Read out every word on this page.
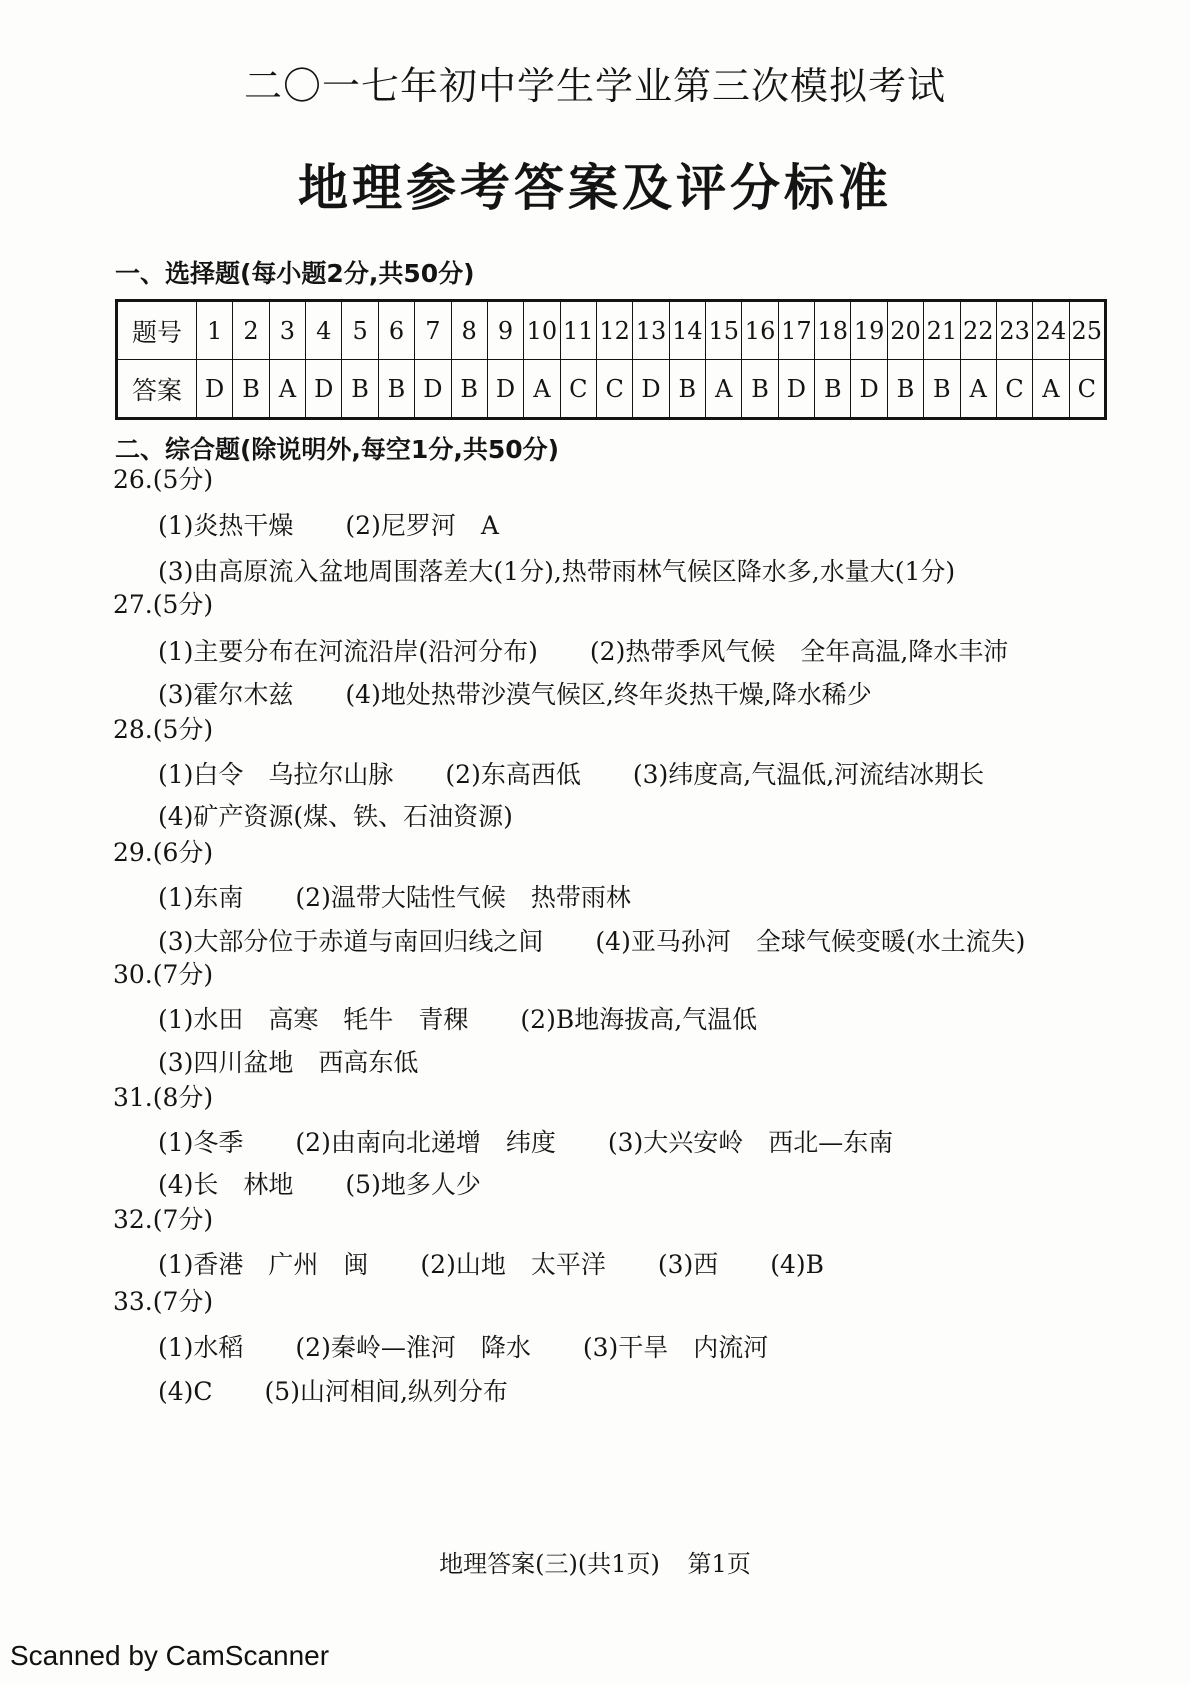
二〇一七年初中学生学业第三次模拟考试
地理参考答案及评分标准
一、选择题(每小题2分,共50分)
题号	1	2	3	4	5	6	7	8	9	10	11	12	13	14	15	16	17	18	19	20	21	22	23	24	25
答案	D	B	A	D	B	B	D	B	D	A	C	C	D	B	A	B	D	B	D	B	B	A	C	A	C
二、综合题(除说明外,每空1分,共50分)
26.(5分)
(1)炎热干燥 (2)尼罗河　A
(3)由高原流入盆地周围落差大(1分),热带雨林气候区降水多,水量大(1分)
27.(5分)
(1)主要分布在河流沿岸(沿河分布) (2)热带季风气候　全年高温,降水丰沛
(3)霍尔木兹 (4)地处热带沙漠气候区,终年炎热干燥,降水稀少
28.(5分)
(1)白令　乌拉尔山脉 (2)东高西低 (3)纬度高,气温低,河流结冰期长
(4)矿产资源(煤、铁、石油资源)
29.(6分)
(1)东南 (2)温带大陆性气候　热带雨林
(3)大部分位于赤道与南回归线之间 (4)亚马孙河　全球气候变暖(水土流失)
30.(7分)
(1)水田　高寒　牦牛　青稞 (2)B地海拔高,气温低
(3)四川盆地　西高东低
31.(8分)
(1)冬季 (2)由南向北递增　纬度 (3)大兴安岭　西北—东南
(4)长　林地 (5)地多人少
32.(7分)
(1)香港　广州　闽 (2)山地　太平洋 (3)西 (4)B
33.(7分)
(1)水稻 (2)秦岭—淮河　降水 (3)干旱　内流河
(4)C (5)山河相间,纵列分布
地理答案(三)(共1页) 第1页
Scanned by CamScanner
